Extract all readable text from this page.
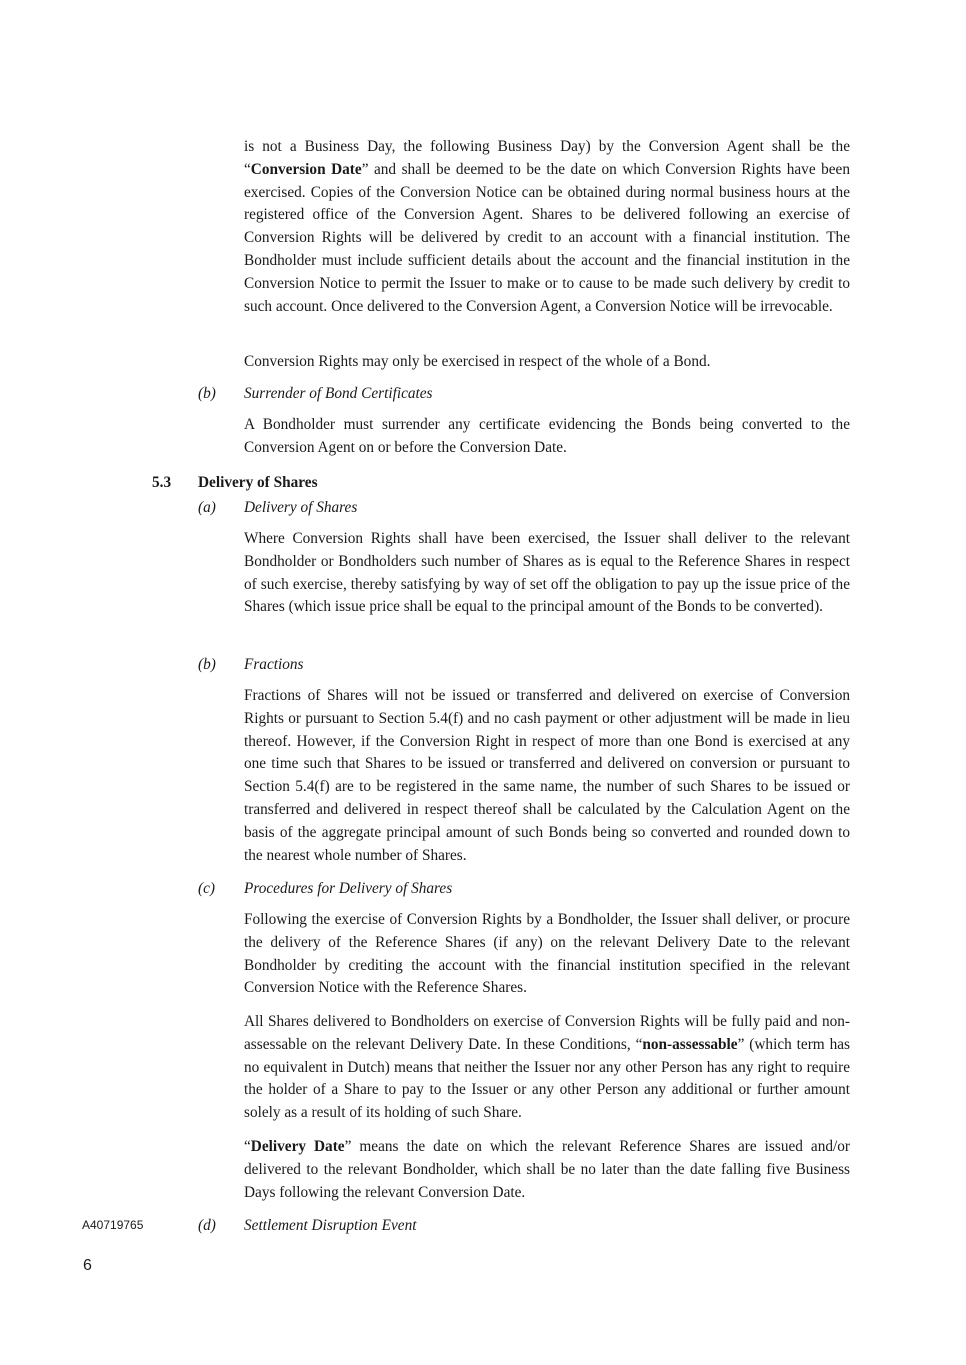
is not a Business Day, the following Business Day) by the Conversion Agent shall be the “Conversion Date” and shall be deemed to be the date on which Conversion Rights have been exercised. Copies of the Conversion Notice can be obtained during normal business hours at the registered office of the Conversion Agent. Shares to be delivered following an exercise of Conversion Rights will be delivered by credit to an account with a financial institution. The Bondholder must include sufficient details about the account and the financial institution in the Conversion Notice to permit the Issuer to make or to cause to be made such delivery by credit to such account. Once delivered to the Conversion Agent, a Conversion Notice will be irrevocable.

Conversion Rights may only be exercised in respect of the whole of a Bond.

(b) Surrender of Bond Certificates

A Bondholder must surrender any certificate evidencing the Bonds being converted to the Conversion Agent on or before the Conversion Date.

5.3 Delivery of Shares
(a) Delivery of Shares

Where Conversion Rights shall have been exercised, the Issuer shall deliver to the relevant Bondholder or Bondholders such number of Shares as is equal to the Reference Shares in respect of such exercise, thereby satisfying by way of set off the obligation to pay up the issue price of the Shares (which issue price shall be equal to the principal amount of the Bonds to be converted).

(b) Fractions

Fractions of Shares will not be issued or transferred and delivered on exercise of Conversion Rights or pursuant to Section 5.4(f) and no cash payment or other adjustment will be made in lieu thereof. However, if the Conversion Right in respect of more than one Bond is exercised at any one time such that Shares to be issued or transferred and delivered on conversion or pursuant to Section 5.4(f) are to be registered in the same name, the number of such Shares to be issued or transferred and delivered in respect thereof shall be calculated by the Calculation Agent on the basis of the aggregate principal amount of such Bonds being so converted and rounded down to the nearest whole number of Shares.

(c) Procedures for Delivery of Shares

Following the exercise of Conversion Rights by a Bondholder, the Issuer shall deliver, or procure the delivery of the Reference Shares (if any) on the relevant Delivery Date to the relevant Bondholder by crediting the account with the financial institution specified in the relevant Conversion Notice with the Reference Shares.

All Shares delivered to Bondholders on exercise of Conversion Rights will be fully paid and non-assessable on the relevant Delivery Date. In these Conditions, “non-assessable” (which term has no equivalent in Dutch) means that neither the Issuer nor any other Person has any right to require the holder of a Share to pay to the Issuer or any other Person any additional or further amount solely as a result of its holding of such Share.

“Delivery Date” means the date on which the relevant Reference Shares are issued and/or delivered to the relevant Bondholder, which shall be no later than the date falling five Business Days following the relevant Conversion Date.

(d) Settlement Disruption Event
A40719765
6
